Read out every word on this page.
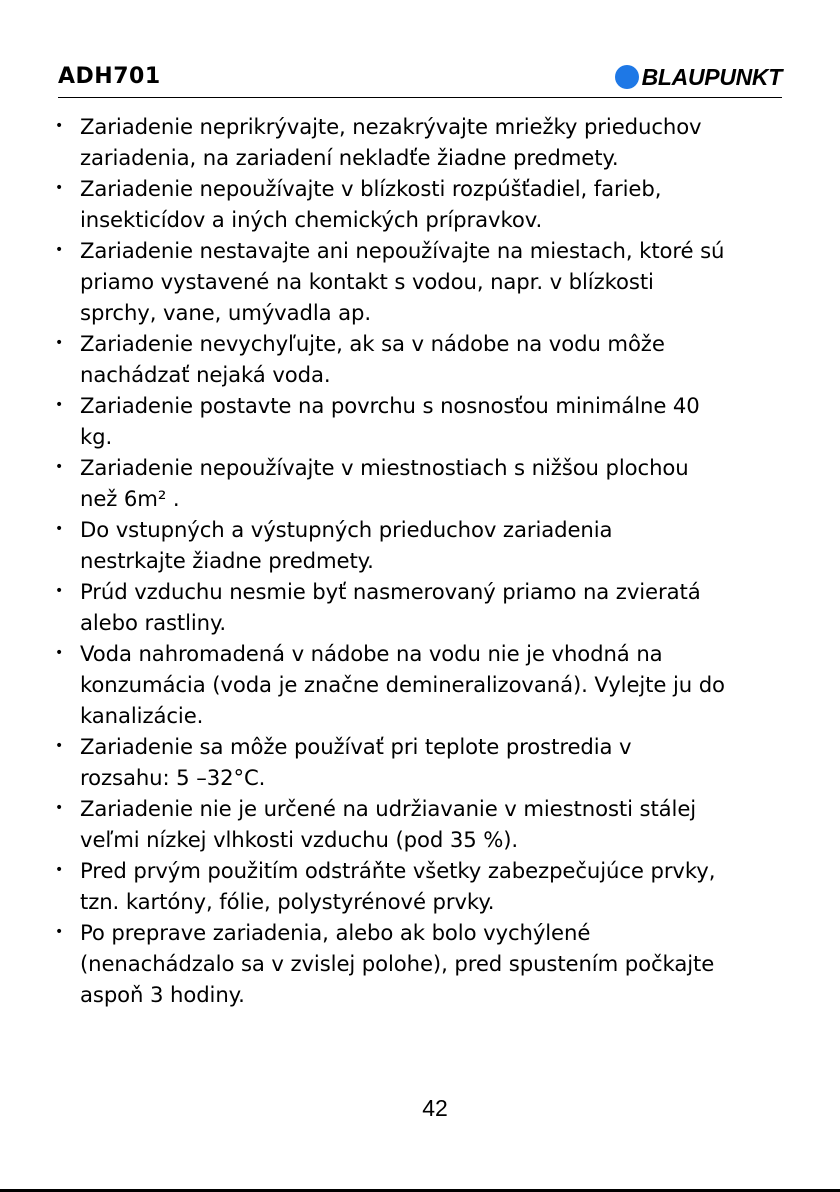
ADH701	BLAUPUNKT
• Zariadenie neprikrývajte, nezakrývajte mriežky prieduchov
zariadenia, na zariadení nekladťe žiadne predmety.
• Zariadenie nepoužívajte v blízkosti rozpúšťadiel, farieb,
insekticídov a iných chemických prípravkov.
• Zariadenie nestavajte ani nepoužívajte na miestach, ktoré sú
priamo vystavené na kontakt s vodou, napr. v blízkosti
sprchy, vane, umývadla ap.
• Zariadenie nevychyľujte, ak sa v nádobe na vodu môže
nachádzať nejaká voda.
• Zariadenie postavte na povrchu s nosnosťou minimálne 40
kg.
• Zariadenie nepoužívajte v miestnostiach s nižšou plochou
než 6m² .
• Do vstupných a výstupných prieduchov zariadenia
nestrkajte žiadne predmety.
• Prúd vzduchu nesmie byť nasmerovaný priamo na zvieratá
alebo rastliny.
• Voda nahromadená v nádobe na vodu nie je vhodná na
konzumácia (voda je značne demineralizovaná). Vylejte ju do
kanalizácie.
• Zariadenie sa môže používať pri teplote prostredia v
rozsahu: 5 –32°C.
• Zariadenie nie je určené na udržiavanie v miestnosti stálej
veľmi nízkej vlhkosti vzduchu (pod 35 %).
• Pred prvým použitím odstráňte všetky zabezpečujúce prvky,
tzn. kartóny, fólie, polystyrénové prvky.
• Po preprave zariadenia, alebo ak bolo vychýlené
(nenachádzalo sa v zvislej polohe), pred spustením počkajte
aspoň 3 hodiny.
42
